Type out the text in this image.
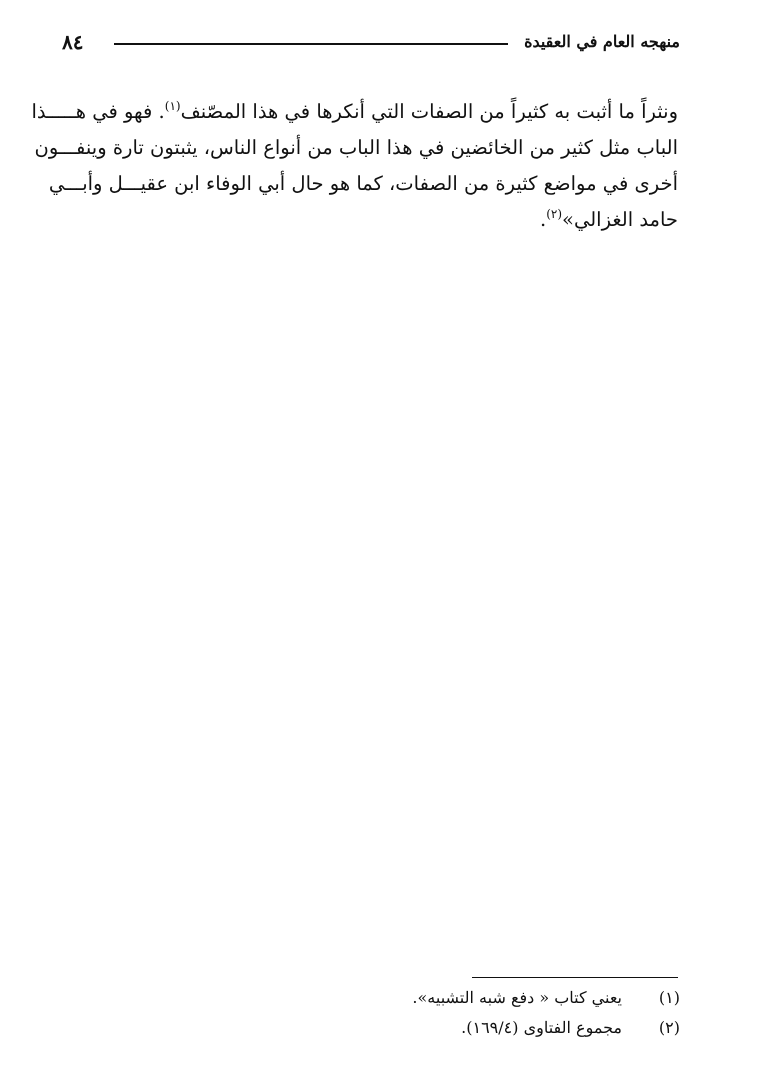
منهجه العام في العقيدة
٨٤
ونثراً ما أثبت به كثيراً من الصفات التي أنكرها في هذا المصّنف$^{(١)}$. فهو في هـــــذا
الباب مثل كثير من الخائضين في هذا الباب من أنواع الناس، يثبتون تارة وينفـــون
أخرى في مواضع كثيرة من الصفات، كما هو حال أبي الوفاء ابن عقيـــل وأبـــي
حامد الغزالي»$^{(٢)}$.
(١)
يعني كتاب « دفع شبه التشبيه».
(٢)
مجموع الفتاوى (١٦٩/٤).
